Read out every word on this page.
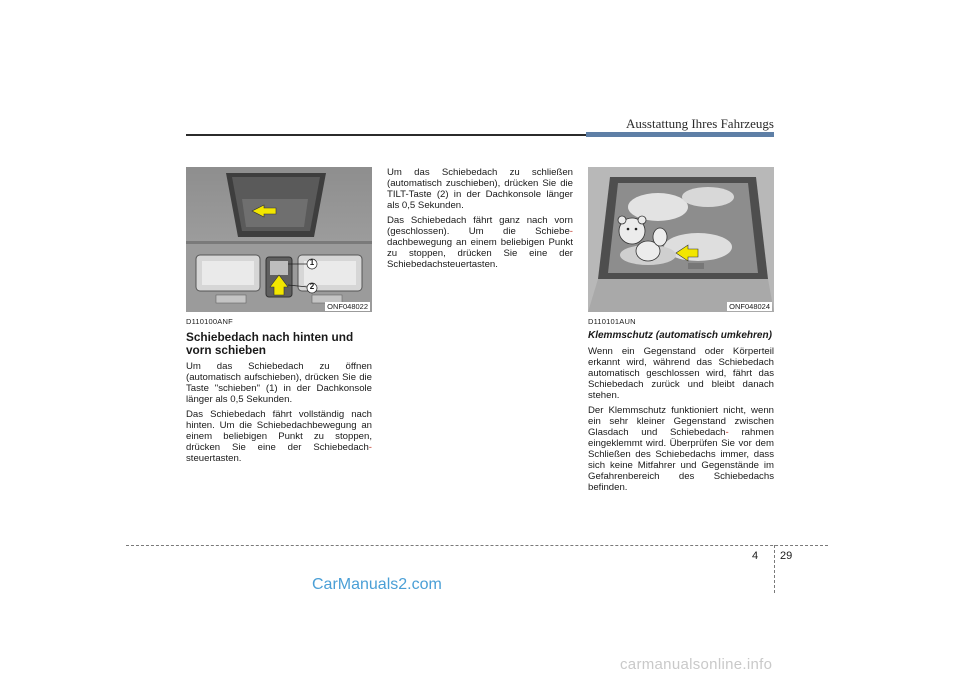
Ausstattung Ihres Fahrzeugs
1
2
ONF048022	ONF048024
D110100ANF
Schiebedach nach hinten und
vorn schieben

Um das Schiebedach zu öffnen (automatisch aufschieben), drücken Sie die Taste "schieben" (1) in der Dachkonsole länger als 0,5 Sekunden.

Das Schiebedach fährt vollständig nach hinten. Um die Schiebedachbewegung an einem beliebigen Punkt zu stoppen, drücken Sie eine der Schiebedach- steuertasten.

Um das Schiebedach zu schließen (automatisch zuschieben), drücken Sie die TILT-Taste (2) in der Dachkonsole länger als 0,5 Sekunden.

Das Schiebedach fährt ganz nach vorn (geschlossen). Um die Schiebe- dachbewegung an einem beliebigen Punkt zu stoppen, drücken Sie eine der Schiebedachsteuertasten.

D110101AUN
Klemmschutz (automatisch umkehren)

Wenn ein Gegenstand oder Körperteil erkannt wird, während das Schiebedach automatisch geschlossen wird, fährt das Schiebedach zurück und bleibt danach stehen.

Der Klemmschutz funktioniert nicht, wenn ein sehr kleiner Gegenstand zwischen Glasdach und Schiebedach- rahmen eingeklemmt wird. Überprüfen Sie vor dem Schließen des Schiebedachs immer, dass sich keine Mitfahrer und Gegenstände im Gefahrenbereich des Schiebedachs befinden.

4 29
CarManuals2.com
carmanualsonline.info
